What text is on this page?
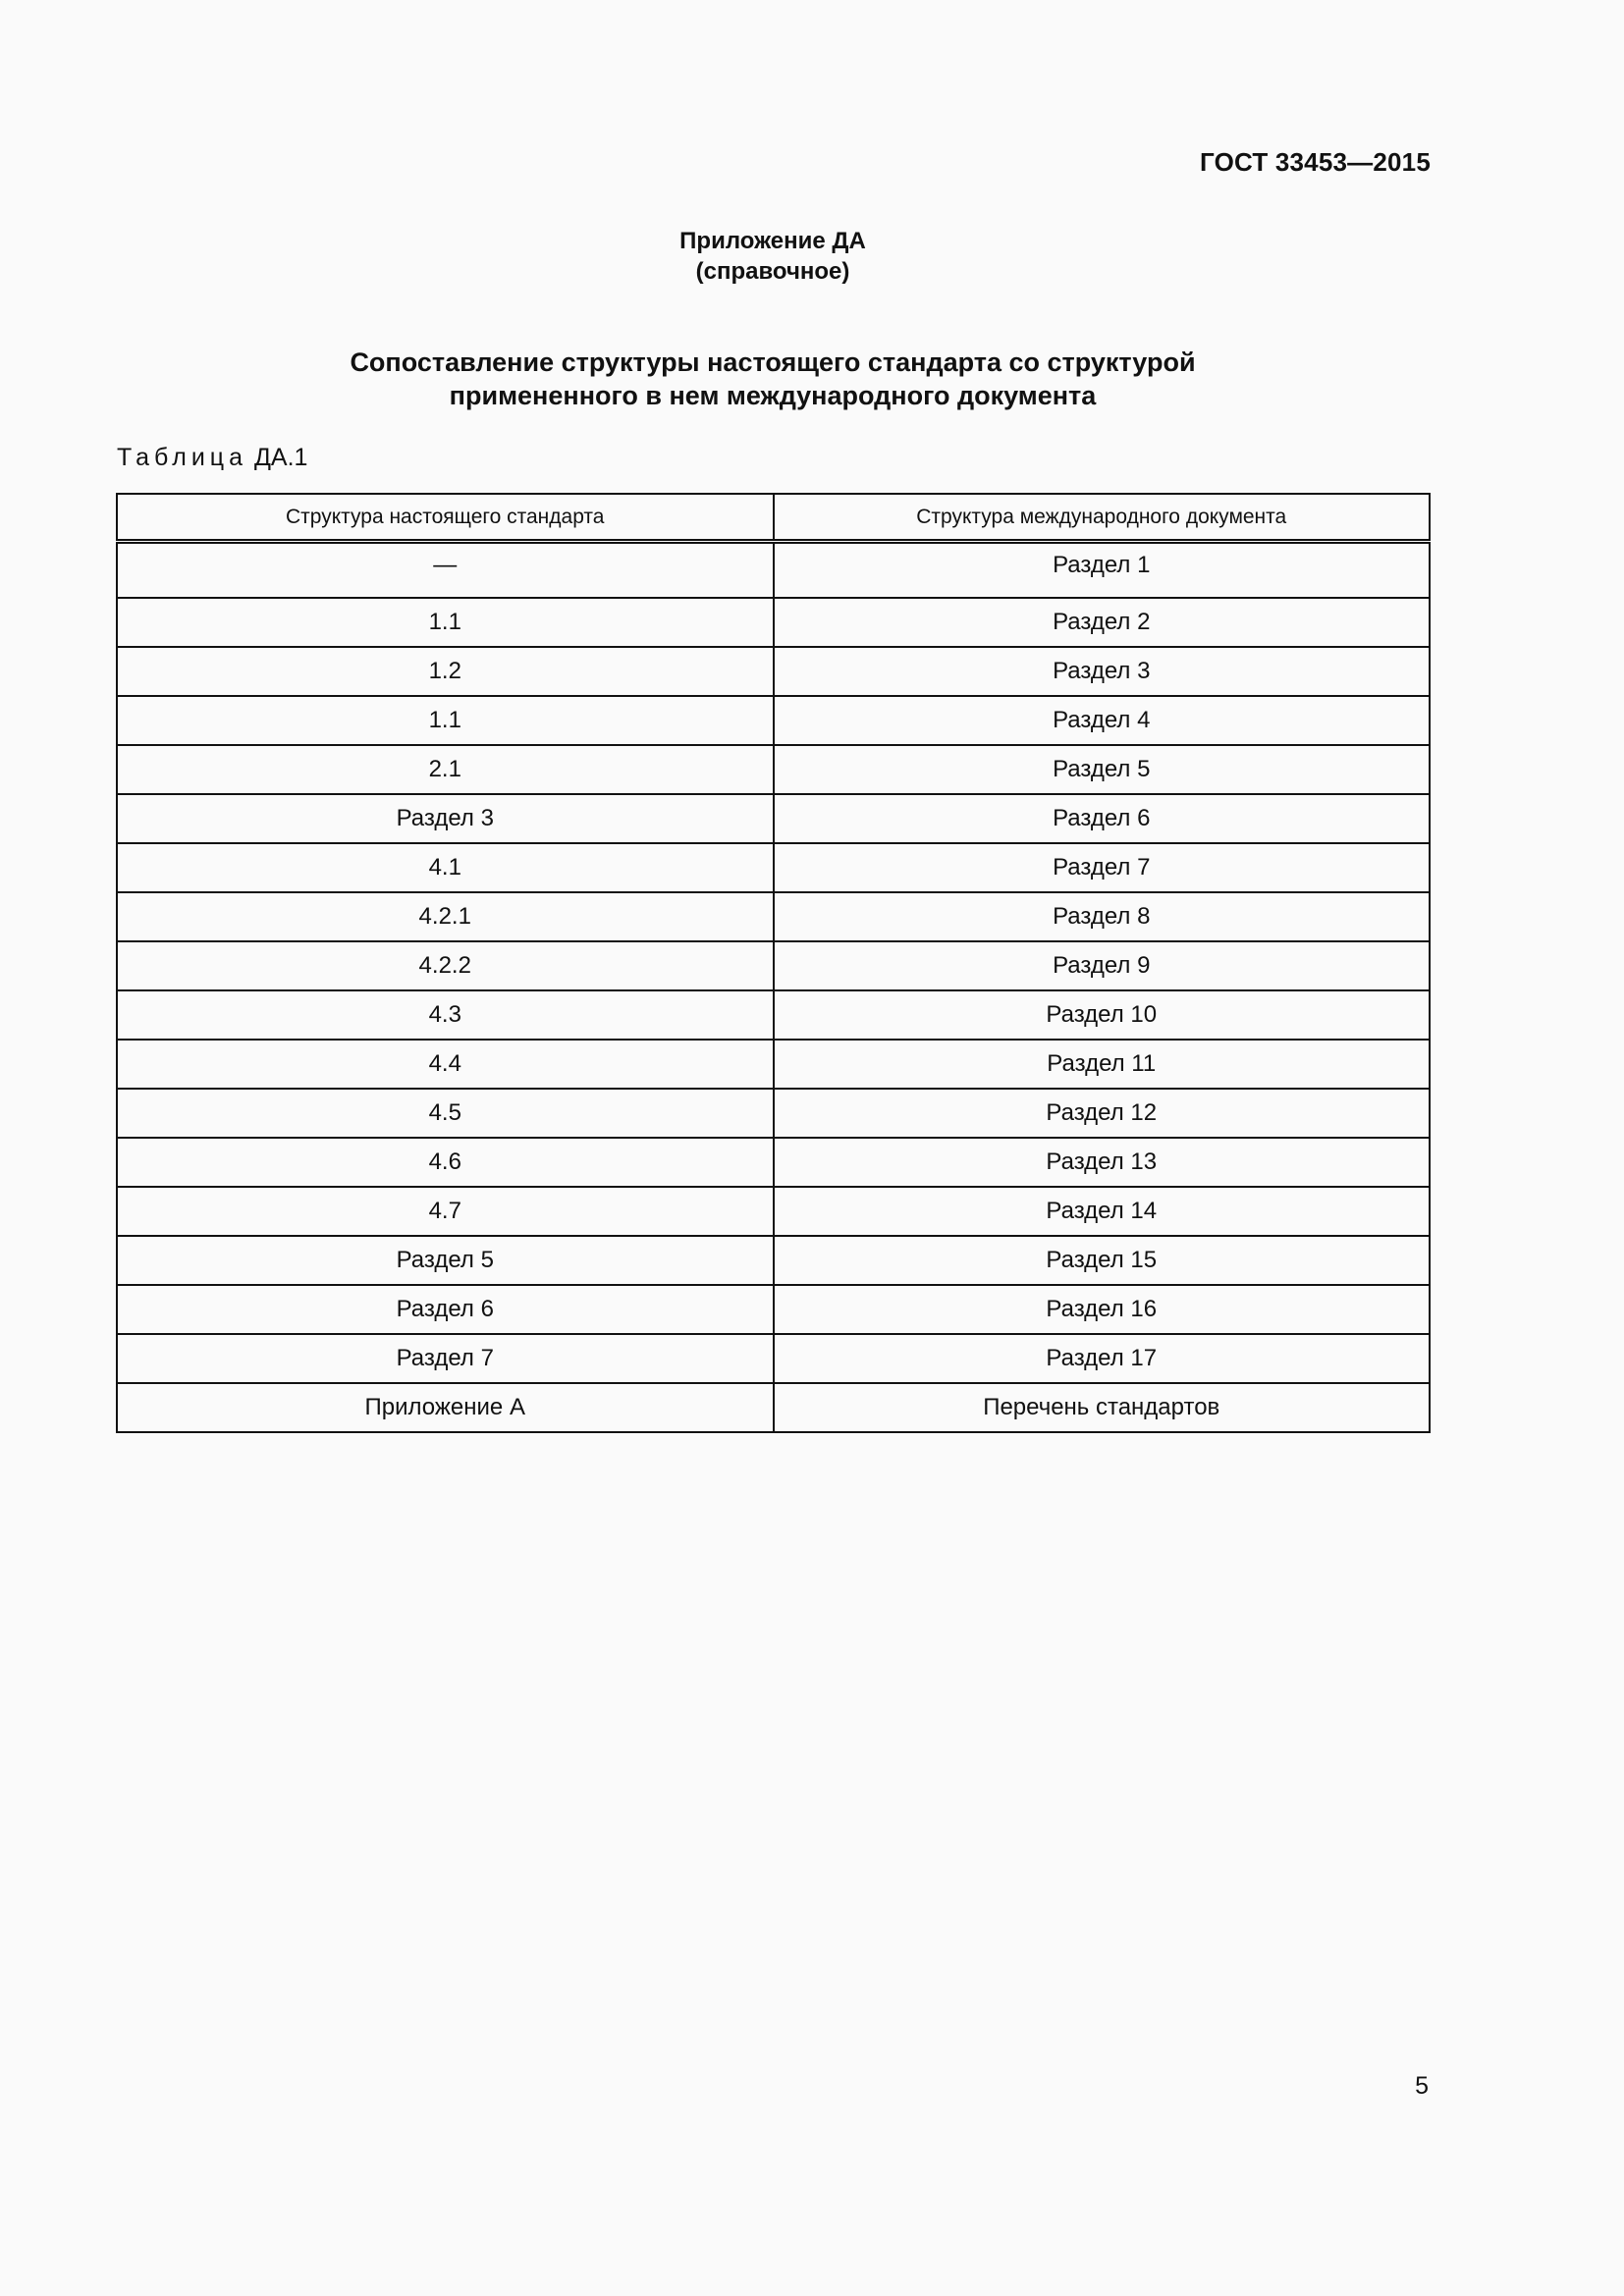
ГОСТ 33453—2015
Приложение ДА
(справочное)
Сопоставление структуры настоящего стандарта со структурой
примененного в нем международного документа
Таблица ДА.1
Структура настоящего стандарта	Структура международного документа
—	Раздел 1
1.1	Раздел 2
1.2	Раздел 3
1.1	Раздел 4
2.1	Раздел 5
Раздел 3	Раздел 6
4.1	Раздел 7
4.2.1	Раздел 8
4.2.2	Раздел 9
4.3	Раздел 10
4.4	Раздел 11
4.5	Раздел 12
4.6	Раздел 13
4.7	Раздел 14
Раздел 5	Раздел 15
Раздел 6	Раздел 16
Раздел 7	Раздел 17
Приложение А	Перечень стандартов
5
